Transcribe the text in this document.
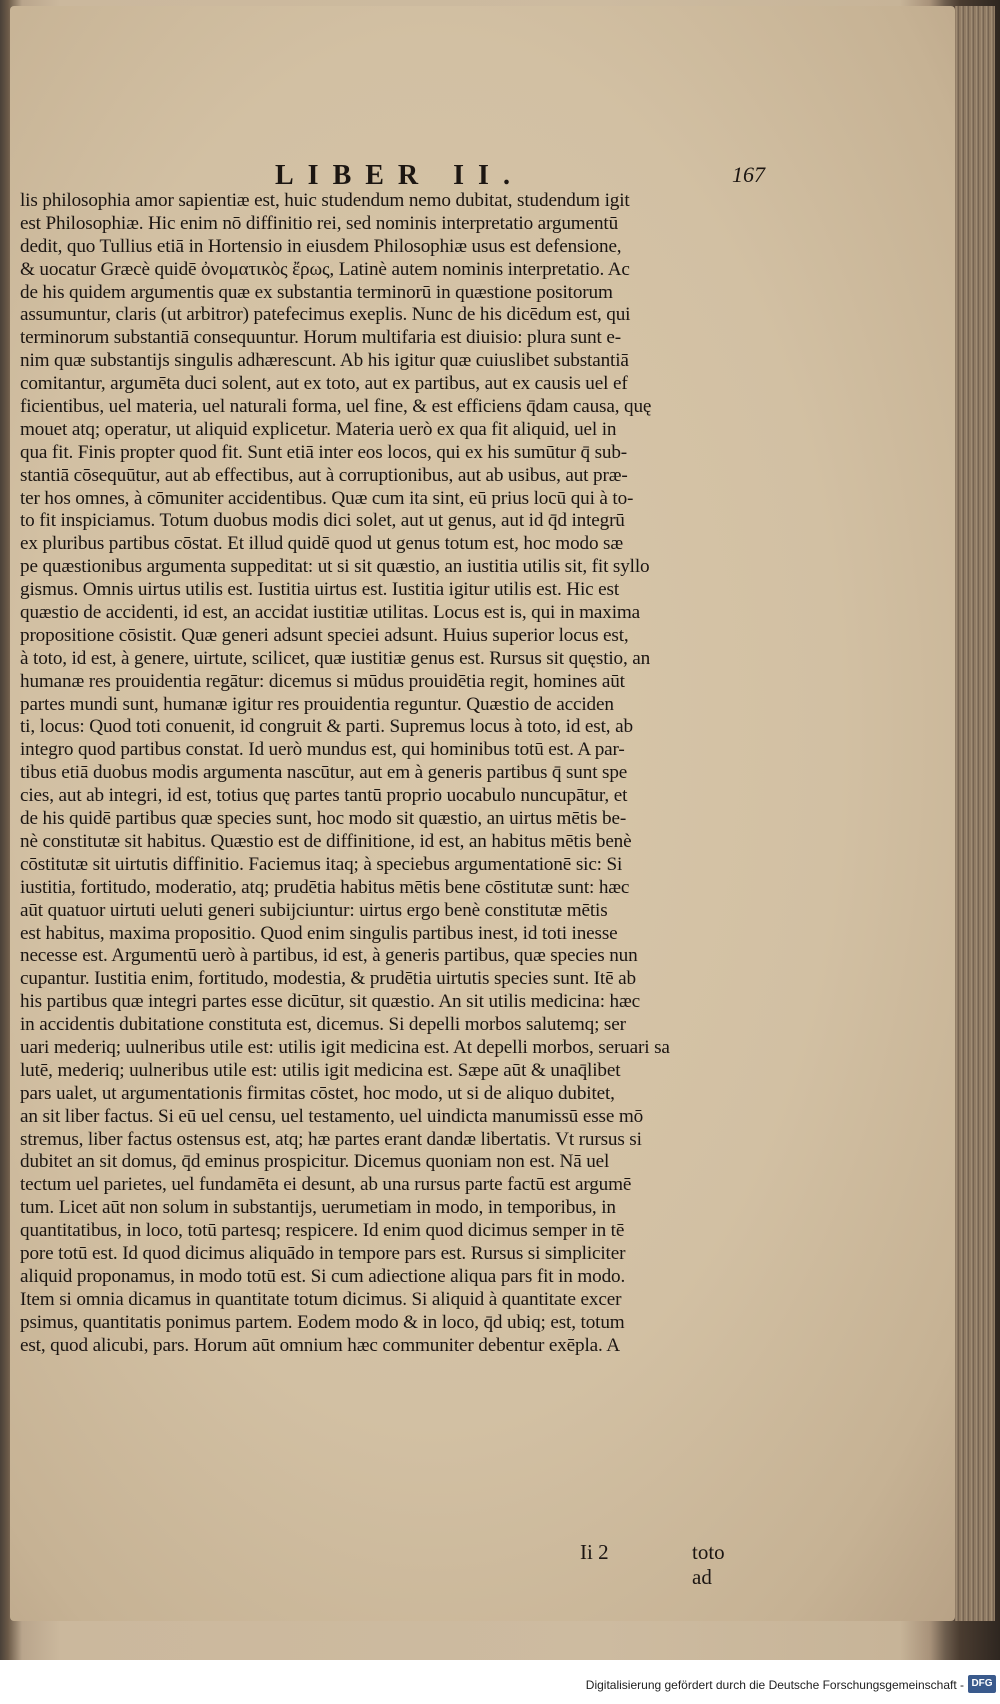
LIBER II.	167
lis philosophia amor sapientiæ est, huic studendum nemo dubitat, studendum igit
est Philosophiæ. Hic enim nō diffinitio rei, sed nominis interpretatio argumentū
dedit, quo Tullius etiā in Hortensio in eiusdem Philosophiæ usus est defensione,
& uocatur Græcè quidē ὀνοματικὸς ἔρως, Latinè autem nominis interpretatio. Ac
de his quidem argumentis quæ ex substantia terminorū in quæstione positorum
assumuntur, claris (ut arbitror) patefecimus exeplis. Nunc de his dicēdum est, qui
terminorum substantiā consequuntur. Horum multifaria est diuisio: plura sunt e-
nim quæ substantijs singulis adhærescunt. Ab his igitur quæ cuiuslibet substantiā
comitantur, argumēta duci solent, aut ex toto, aut ex partibus, aut ex causis uel ef
ficientibus, uel materia, uel naturali forma, uel fine, & est efficiens q̄dam causa, quę
mouet atq; operatur, ut aliquid explicetur. Materia uerò ex qua fit aliquid, uel in
qua fit. Finis propter quod fit. Sunt etiā inter eos locos, qui ex his sumūtur q̄ sub-
stantiā cōsequūtur, aut ab effectibus, aut à corruptionibus, aut ab usibus, aut præ-
ter hos omnes, à cōmuniter accidentibus. Quæ cum ita sint, eū prius locū qui à to-
to fit inspiciamus. Totum duobus modis dici solet, aut ut genus, aut id q̄d integrū
ex pluribus partibus cōstat. Et illud quidē quod ut genus totum est, hoc modo sæ
pe quæstionibus argumenta suppeditat: ut si sit quæstio, an iustitia utilis sit, fit syllo
gismus. Omnis uirtus utilis est. Iustitia uirtus est. Iustitia igitur utilis est. Hic est
quæstio de accidenti, id est, an accidat iustitiæ utilitas. Locus est is, qui in maxima
propositione cōsistit. Quæ generi adsunt speciei adsunt. Huius superior locus est,
à toto, id est, à genere, uirtute, scilicet, quæ iustitiæ genus est. Rursus sit quęstio, an
humanæ res prouidentia regātur: dicemus si mūdus prouidētia regit, homines aūt
partes mundi sunt, humanæ igitur res prouidentia reguntur. Quæstio de acciden
ti, locus: Quod toti conuenit, id congruit & parti. Supremus locus à toto, id est, ab
integro quod partibus constat. Id uerò mundus est, qui hominibus totū est. A par-
tibus etiā duobus modis argumenta nascūtur, aut em à generis partibus q̄ sunt spe
cies, aut ab integri, id est, totius quę partes tantū proprio uocabulo nuncupātur, et
de his quidē partibus quæ species sunt, hoc modo sit quæstio, an uirtus mētis be-
nè constitutæ sit habitus. Quæstio est de diffinitione, id est, an habitus mētis benè
cōstitutæ sit uirtutis diffinitio. Faciemus itaq; à speciebus argumentationē sic: Si
iustitia, fortitudo, moderatio, atq; prudētia habitus mētis bene cōstitutæ sunt: hæc
aūt quatuor uirtuti ueluti generi subijciuntur: uirtus ergo benè constitutæ mētis
est habitus, maxima propositio. Quod enim singulis partibus inest, id toti inesse
necesse est. Argumentū uerò à partibus, id est, à generis partibus, quæ species nun
cupantur. Iustitia enim, fortitudo, modestia, & prudētia uirtutis species sunt. Itē ab
his partibus quæ integri partes esse dicūtur, sit quæstio. An sit utilis medicina: hæc
in accidentis dubitatione constituta est, dicemus. Si depelli morbos salutemq; ser
uari mederiq; uulneribus utile est: utilis igit medicina est. At depelli morbos, seruari sa
lutē, mederiq; uulneribus utile est: utilis igit medicina est. Sæpe aūt & unaq̄libet
pars ualet, ut argumentationis firmitas cōstet, hoc modo, ut si de aliquo dubitet,
an sit liber factus. Si eū uel censu, uel testamento, uel uindicta manumissū esse mō
stremus, liber factus ostensus est, atq; hæ partes erant dandæ libertatis. Vt rursus si
dubitet an sit domus, q̄d eminus prospicitur. Dicemus quoniam non est. Nā uel
tectum uel parietes, uel fundamēta ei desunt, ab una rursus parte factū est argumē
tum. Licet aūt non solum in substantijs, uerumetiam in modo, in temporibus, in
quantitatibus, in loco, totū partesq; respicere. Id enim quod dicimus semper in tē
pore totū est. Id quod dicimus aliquādo in tempore pars est. Rursus si simpliciter
aliquid proponamus, in modo totū est. Si cum adiectione aliqua pars fit in modo.
Item si omnia dicamus in quantitate totum dicimus. Si aliquid à quantitate excer
psimus, quantitatis ponimus partem. Eodem modo & in loco, q̄d ubiq; est, totum
est, quod alicubi, pars. Horum aūt omnium hæc communiter debentur exēpla. A
Ii 2	toto ad
Digitalisierung gefördert durch die Deutsche Forschungsgemeinschaft - DFG
